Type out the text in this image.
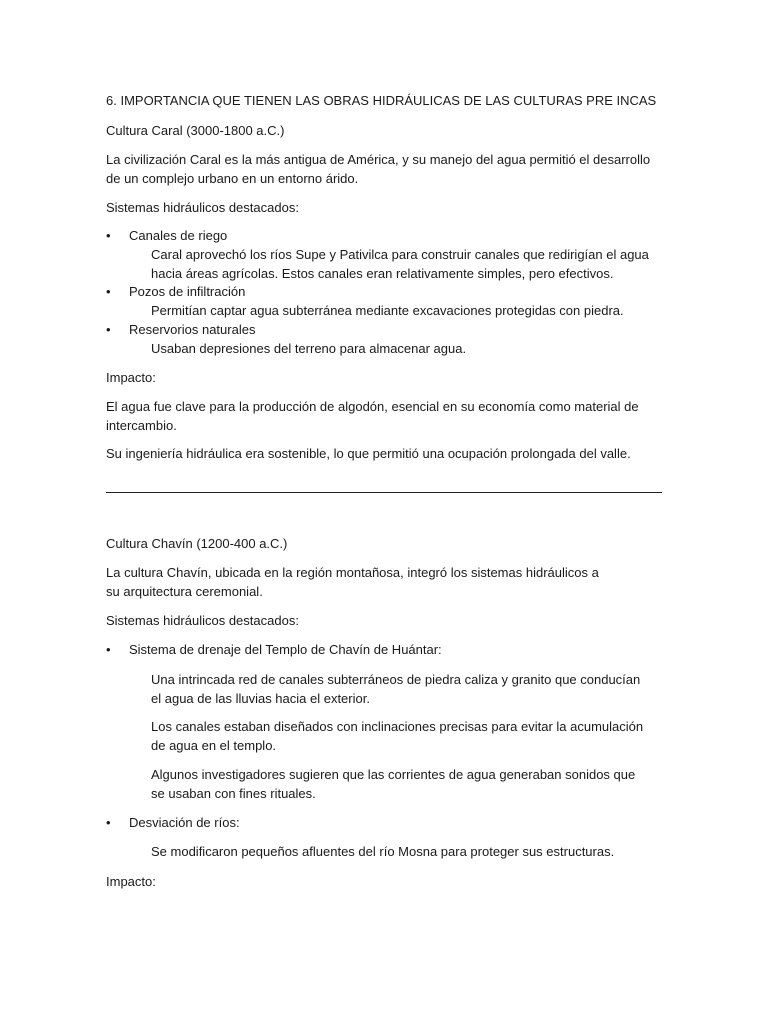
6. IMPORTANCIA QUE TIENEN LAS OBRAS HIDRÁULICAS DE LAS CULTURAS PRE INCAS

Cultura Caral (3000-1800 a.C.)

La civilización Caral es la más antigua de América, y su manejo del agua permitió el desarrollo de un complejo urbano en un entorno árido.

Sistemas hidráulicos destacados:

• Canales de riego

Caral aprovechó los ríos Supe y Pativilca para construir canales que redirigían el agua hacia áreas agrícolas. Estos canales eran relativamente simples, pero efectivos.

• Pozos de infiltración

Permitían captar agua subterránea mediante excavaciones protegidas con piedra.

• Reservorios naturales

Usaban depresiones del terreno para almacenar agua.

Impacto:

El agua fue clave para la producción de algodón, esencial en su economía como material de intercambio.

Su ingeniería hidráulica era sostenible, lo que permitió una ocupación prolongada del valle.

Cultura Chavín (1200-400 a.C.)

La cultura Chavín, ubicada en la región montañosa, integró los sistemas hidráulicos a su arquitectura ceremonial.

Sistemas hidráulicos destacados:

• Sistema de drenaje del Templo de Chavín de Huántar:

Una intrincada red de canales subterráneos de piedra caliza y granito que conducían el agua de las lluvias hacia el exterior.

Los canales estaban diseñados con inclinaciones precisas para evitar la acumulación de agua en el templo.

Algunos investigadores sugieren que las corrientes de agua generaban sonidos que se usaban con fines rituales.

• Desviación de ríos:

Se modificaron pequeños afluentes del río Mosna para proteger sus estructuras.

Impacto:
